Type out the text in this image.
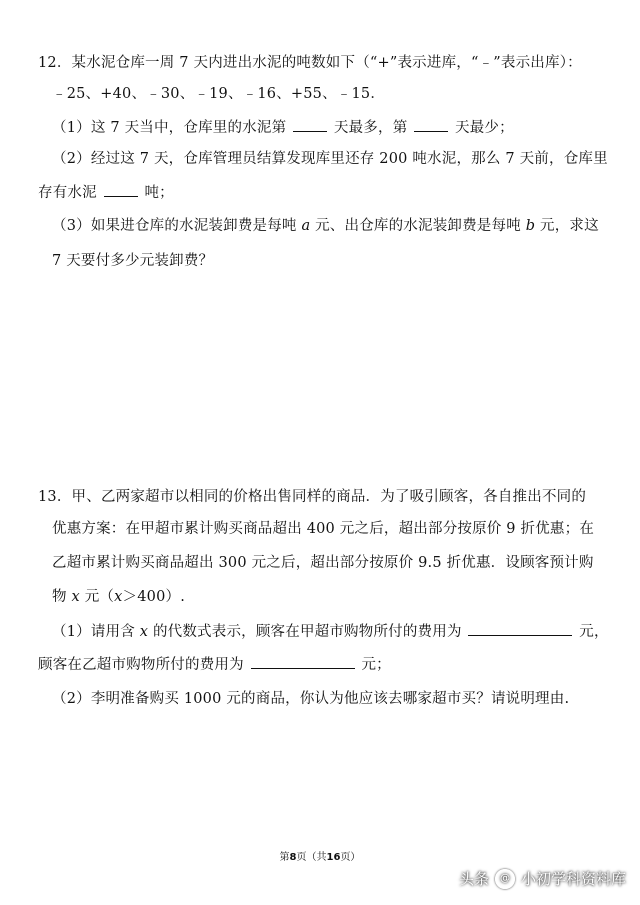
12．某水泥仓库一周 7 天内进出水泥的吨数如下（“+”表示进库，“﹣”表示出库）：
﹣25、+40、﹣30、﹣19、﹣16、+55、﹣15．
（1）这 7 天当中，仓库里的水泥第	天最多，第	天最少；
（2）经过这 7 天，仓库管理员结算发现库里还存 200 吨水泥，那么 7 天前，仓库里
存有水泥	吨；
（3）如果进仓库的水泥装卸费是每吨 a 元、出仓库的水泥装卸费是每吨 b 元，求这
7 天要付多少元装卸费？
13．甲、乙两家超市以相同的价格出售同样的商品．为了吸引顾客，各自推出不同的
优惠方案：在甲超市累计购买商品超出 400 元之后，超出部分按原价 9 折优惠；在
乙超市累计购买商品超出 300 元之后，超出部分按原价 9.5 折优惠．设顾客预计购
物 x 元（x＞400）.
（1）请用含 x 的代数式表示，顾客在甲超市购物所付的费用为	元，
顾客在乙超市购物所付的费用为	元；
（2）李明准备购买 1000 元的商品，你认为他应该去哪家超市买？请说明理由.
第8页（共16页）
头条	@ 小初学科资料库
